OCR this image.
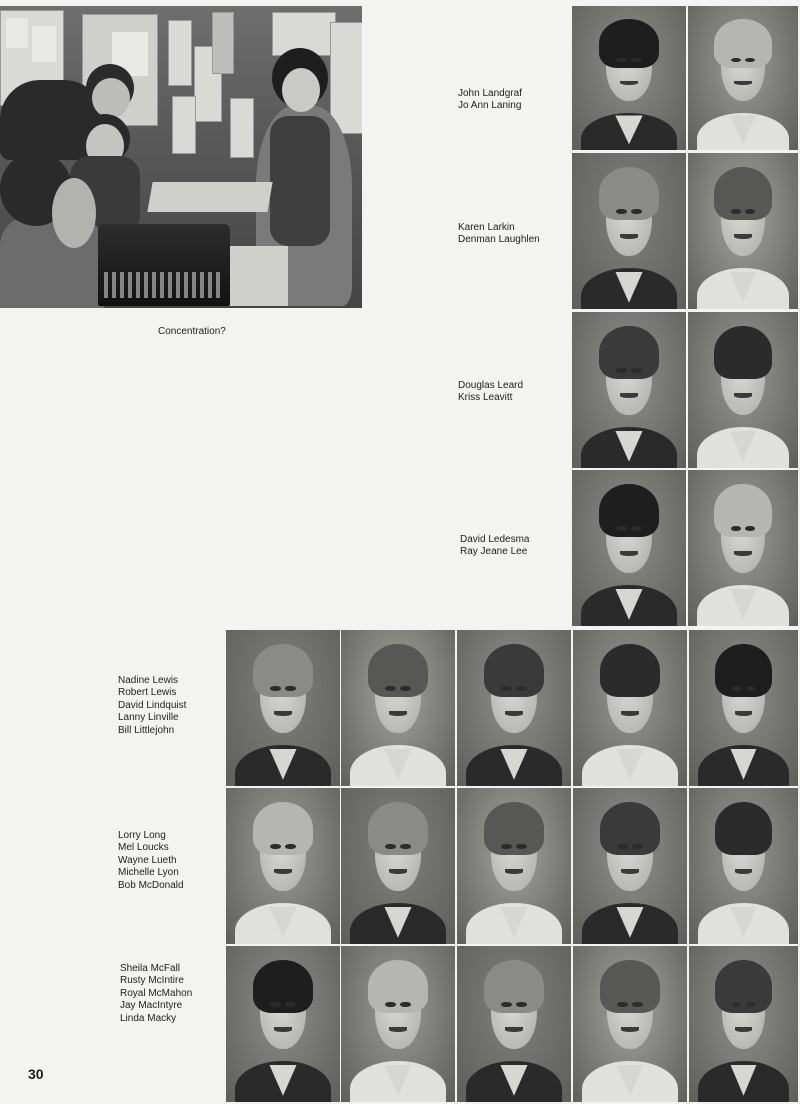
Concentration?
John Landgraf
Jo Ann Laning
Karen Larkin
Denman Laughlen
Douglas Leard
Kriss Leavitt
David Ledesma
Ray Jeane Lee
Nadine Lewis
Robert Lewis
David Lindquist
Lanny Linville
Bill Littlejohn
Lorry Long
Mel Loucks
Wayne Lueth
Michelle Lyon
Bob McDonald
Sheila McFall
Rusty McIntire
Royal McMahon
Jay MacIntyre
Linda Macky
30
